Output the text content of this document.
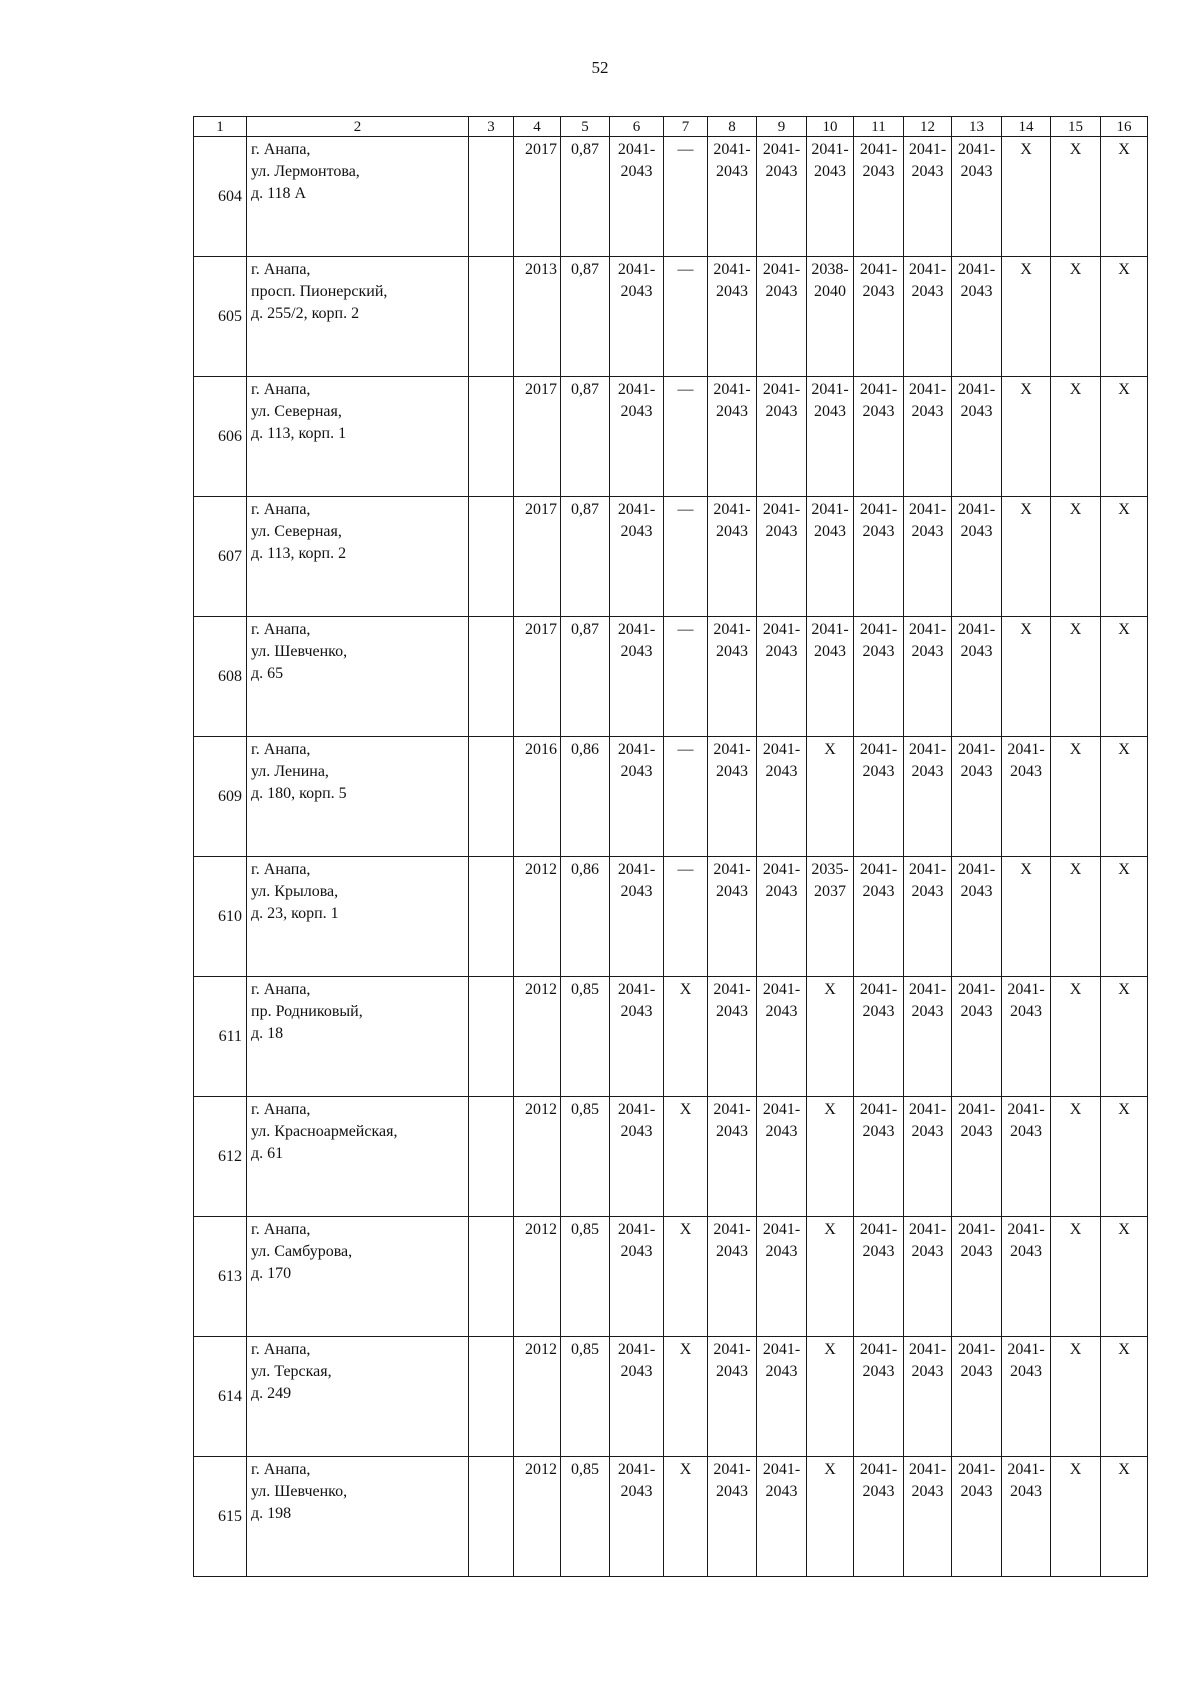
52
1	2	3	4	5	6	7	8	9	10	11	12	13	14	15	16
604	г. Анапа,
ул. Лермонтова,
д. 118 А		2017	0,87	2041-
2043	—	2041-
2043	2041-
2043	2041-
2043	2041-
2043	2041-
2043	2041-
2043	X	X	X

605	г. Анапа,
просп. Пионерский,
д. 255/2, корп. 2		2013	0,87	2041-
2043	—	2041-
2043	2041-
2043	2038-
2040	2041-
2043	2041-
2043	2041-
2043	X	X	X

606	г. Анапа,
ул. Северная,
д. 113, корп. 1		2017	0,87	2041-
2043	—	2041-
2043	2041-
2043	2041-
2043	2041-
2043	2041-
2043	2041-
2043	X	X	X

607	г. Анапа,
ул. Северная,
д. 113, корп. 2		2017	0,87	2041-
2043	—	2041-
2043	2041-
2043	2041-
2043	2041-
2043	2041-
2043	2041-
2043	X	X	X

608	г. Анапа,
ул. Шевченко,
д. 65		2017	0,87	2041-
2043	—	2041-
2043	2041-
2043	2041-
2043	2041-
2043	2041-
2043	2041-
2043	X	X	X

609	г. Анапа,
ул. Ленина,
д. 180, корп. 5		2016	0,86	2041-
2043	—	2041-
2043	2041-
2043	X	2041-
2043	2041-
2043	2041-
2043	2041-
2043	X	X

610	г. Анапа,
ул. Крылова,
д. 23, корп. 1		2012	0,86	2041-
2043	—	2041-
2043	2041-
2043	2035-
2037	2041-
2043	2041-
2043	2041-
2043	X	X	X

611	г. Анапа,
пр. Родниковый,
д. 18		2012	0,85	2041-
2043	X	2041-
2043	2041-
2043	X	2041-
2043	2041-
2043	2041-
2043	2041-
2043	X	X

612	г. Анапа,
ул. Красноармейская,
д. 61		2012	0,85	2041-
2043	X	2041-
2043	2041-
2043	X	2041-
2043	2041-
2043	2041-
2043	2041-
2043	X	X

613	г. Анапа,
ул. Самбурова,
д. 170		2012	0,85	2041-
2043	X	2041-
2043	2041-
2043	X	2041-
2043	2041-
2043	2041-
2043	2041-
2043	X	X

614	г. Анапа,
ул. Терская,
д. 249		2012	0,85	2041-
2043	X	2041-
2043	2041-
2043	X	2041-
2043	2041-
2043	2041-
2043	2041-
2043	X	X

615	г. Анапа,
ул. Шевченко,
д. 198		2012	0,85	2041-
2043	X	2041-
2043	2041-
2043	X	2041-
2043	2041-
2043	2041-
2043	2041-
2043	X	X
